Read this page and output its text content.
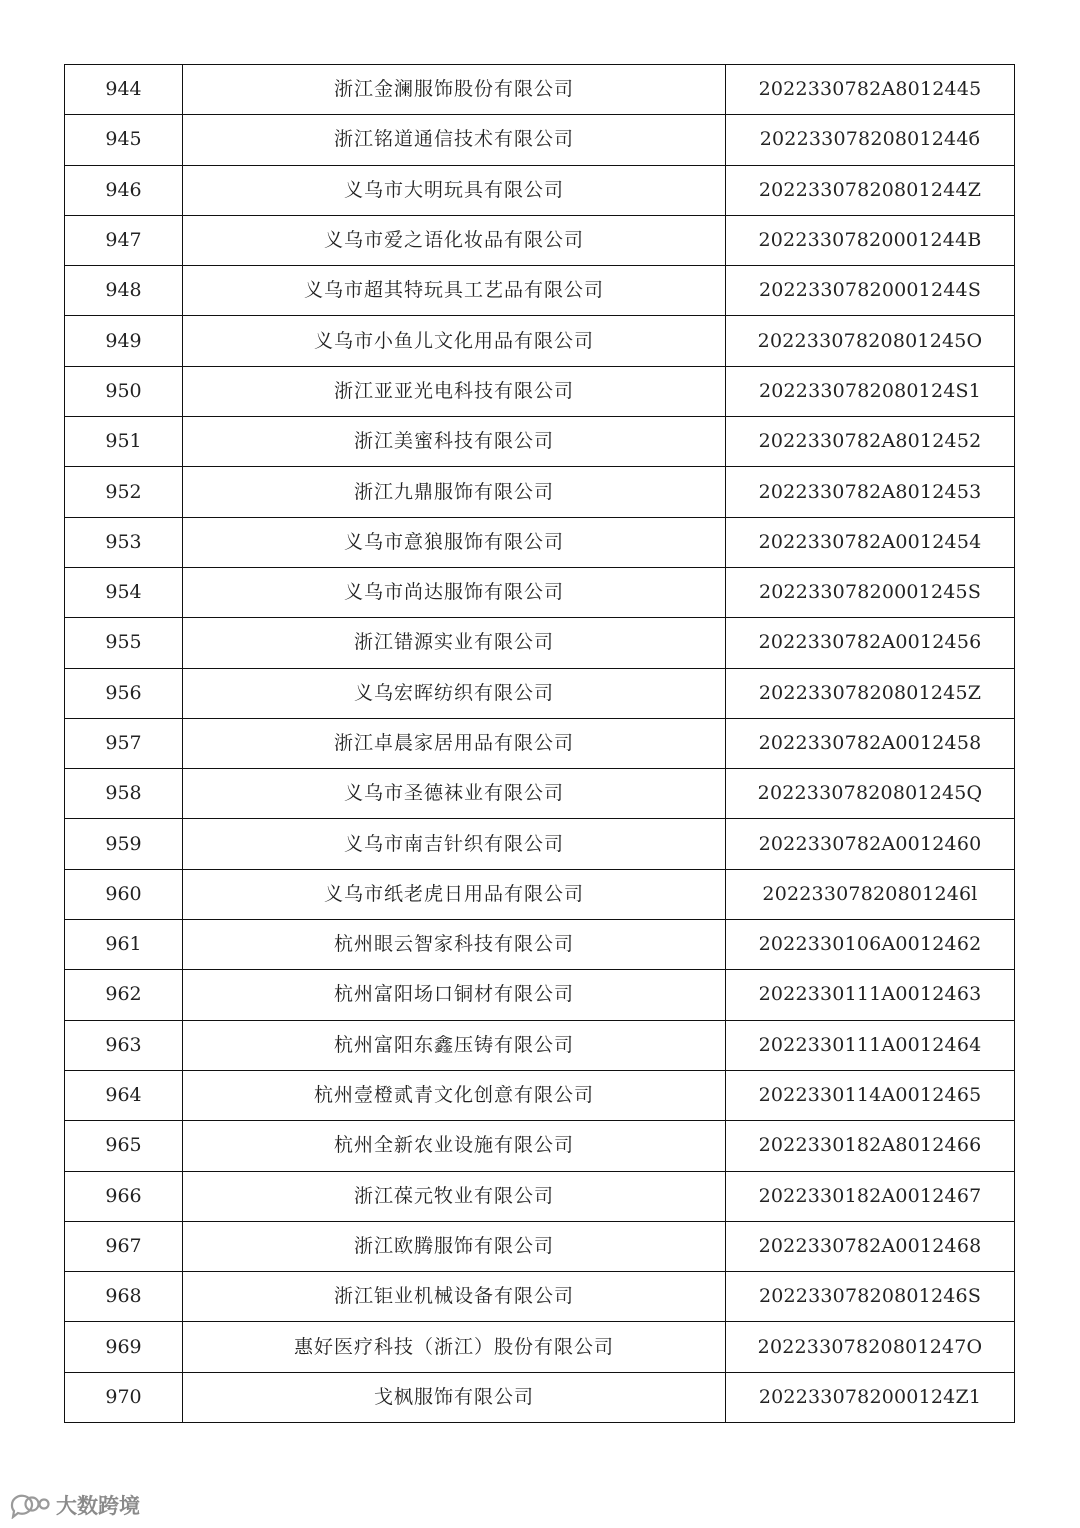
944	浙江金澜服饰股份有限公司	2022330782A8012445
945	浙江铭道通信技术有限公司	20223307820801244б
946	义乌市大明玩具有限公司	20223307820801244Z
947	义乌市爱之语化妆品有限公司	20223307820001244B
948	义乌市超其特玩具工艺品有限公司	20223307820001244S
949	义乌市小鱼儿文化用品有限公司	20223307820801245O
950	浙江亚亚光电科技有限公司	2022330782080124S1
951	浙江美蜜科技有限公司	2022330782A8012452
952	浙江九鼎服饰有限公司	2022330782A8012453
953	义乌市意狼服饰有限公司	2022330782A0012454
954	义乌市尚达服饰有限公司	20223307820001245S
955	浙江错源实业有限公司	2022330782A0012456
956	义乌宏晖纺织有限公司	20223307820801245Z
957	浙江卓晨家居用品有限公司	2022330782A0012458
958	义乌市圣德袜业有限公司	20223307820801245Q
959	义乌市南吉针织有限公司	2022330782A0012460
960	义乌市纸老虎日用品有限公司	20223307820801246l
961	杭州眼云智家科技有限公司	2022330106A0012462
962	杭州富阳场口铜材有限公司	2022330111A0012463
963	杭州富阳东鑫压铸有限公司	2022330111A0012464
964	杭州壹橙贰青文化创意有限公司	2022330114A0012465
965	杭州全新农业设施有限公司	2022330182A8012466
966	浙江葆元牧业有限公司	2022330182A0012467
967	浙江欧腾服饰有限公司	2022330782A0012468
968	浙江钜业机械设备有限公司	20223307820801246S
969	惠好医疗科技（浙江）股份有限公司	20223307820801247O
970	戈枫服饰有限公司	2022330782000124Z1
大数跨境
